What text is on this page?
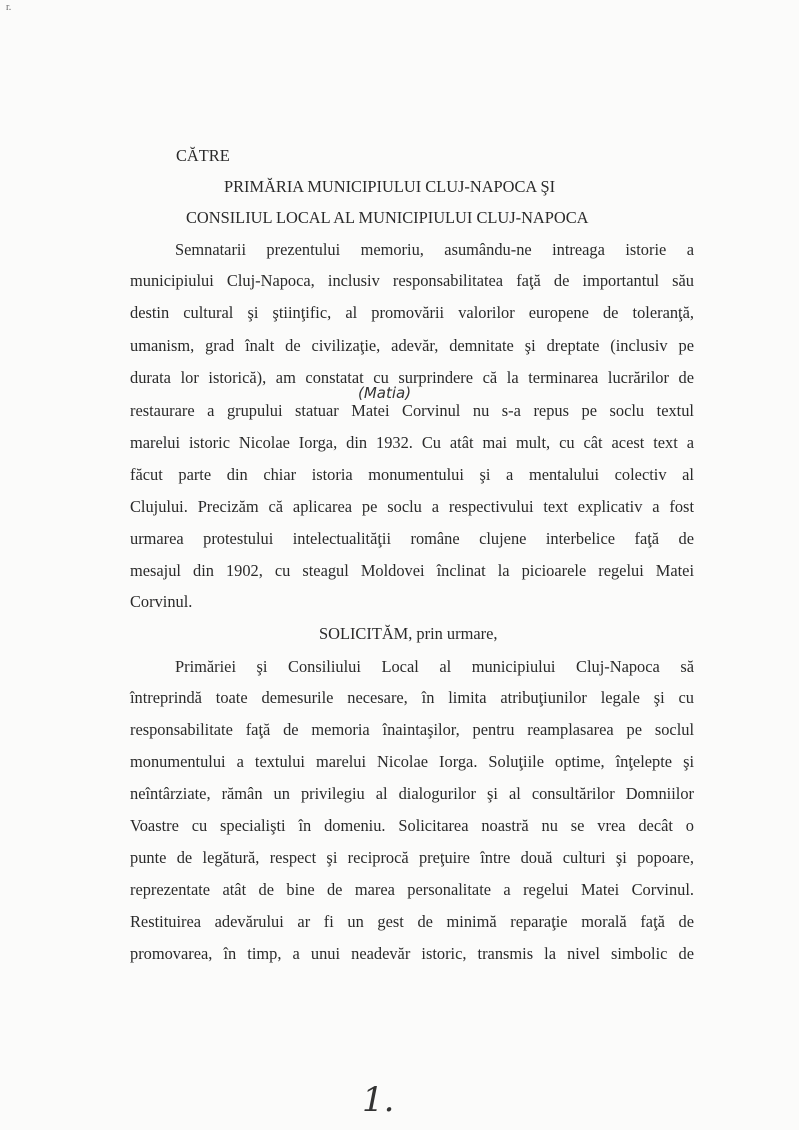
r.
CĂTRE
PRIMĂRIA MUNICIPIULUI CLUJ-NAPOCA ŞI
CONSILIUL LOCAL AL MUNICIPIULUI CLUJ-NAPOCA
Semnatarii prezentului memoriu, asumându-ne intreaga istorie a
municipiului Cluj-Napoca, inclusiv responsabilitatea faţă de importantul său
destin cultural şi ştiinţific, al promovării valorilor europene de toleranţă,
umanism, grad înalt de civilizaţie, adevăr, demnitate şi dreptate (inclusiv pe
durata lor istorică), am constatat cu surprindere că la terminarea lucrărilor de
(Matia)
restaurare a grupului statuar Matei Corvinul nu s-a repus pe soclu textul
marelui istoric Nicolae Iorga, din 1932. Cu atât mai mult, cu cât acest text a
făcut parte din chiar istoria monumentului şi a mentalului colectiv al
Clujului. Precizăm că aplicarea pe soclu a respectivului text explicativ a fost
urmarea protestului intelectualităţii române clujene interbelice faţă de
mesajul din 1902, cu steagul Moldovei înclinat la picioarele regelui Matei
Corvinul.
SOLICITĂM, prin urmare,
Primăriei şi Consiliului Local al municipiului Cluj-Napoca să
întreprindă toate demesurile necesare, în limita atribuţiunilor legale şi cu
responsabilitate faţă de memoria înaintaşilor, pentru reamplasarea pe soclul
monumentului a textului marelui Nicolae Iorga. Soluţiile optime, înţelepte şi
neîntârziate, rămân un privilegiu al dialogurilor şi al consultărilor Domniilor
Voastre cu specialişti în domeniu. Solicitarea noastră nu se vrea decât o
punte de legătură, respect şi reciprocă preţuire între două culturi şi popoare,
reprezentate atât de bine de marea personalitate a regelui Matei Corvinul.
Restituirea adevărului ar fi un gest de minimă reparaţie morală faţă de
promovarea, în timp, a unui neadevăr istoric, transmis la nivel simbolic de
1.
